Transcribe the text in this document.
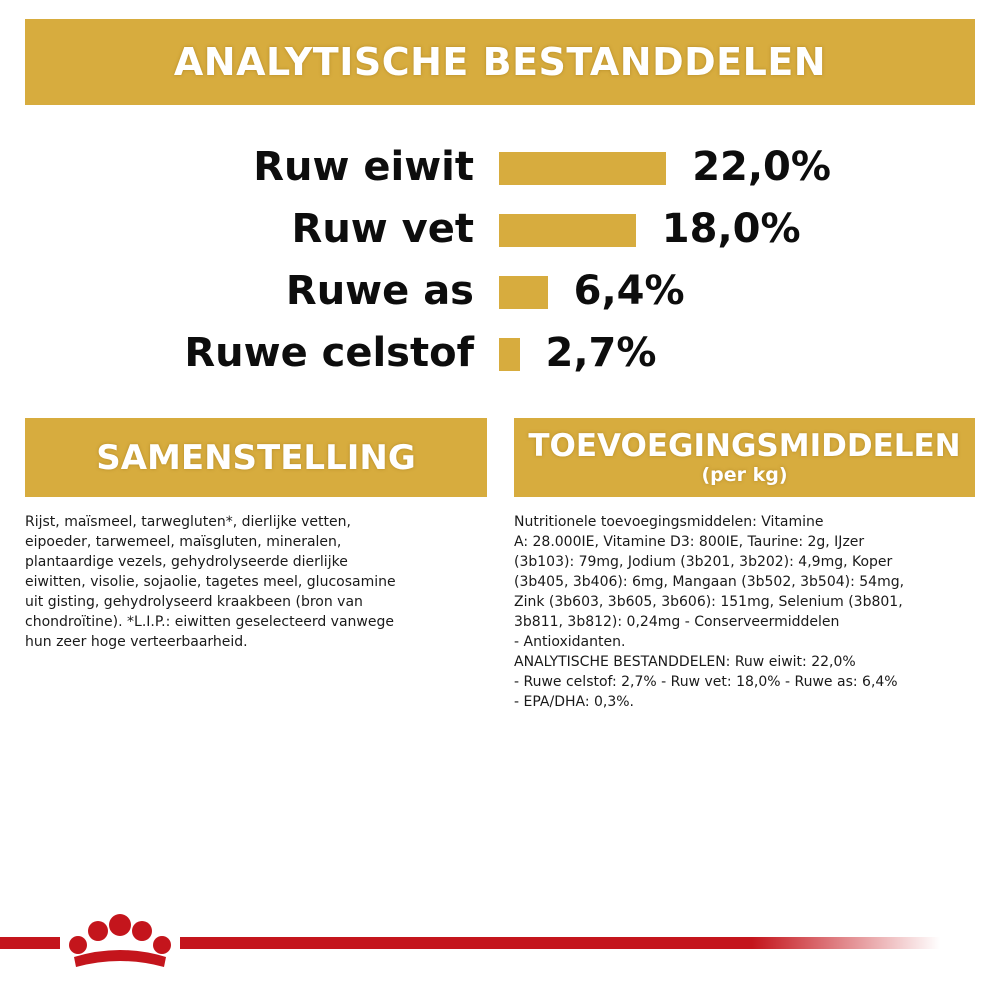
ANALYTISCHE BESTANDDELEN
Ruw eiwit	22,0%
Ruw vet	18,0%
Ruwe as 6,4%
Ruwe celstof 2,7%
SAMENSTELLING	TOEVOEGINGSMIDDELEN
(per kg)
Rijst, maïsmeel, tarwegluten*, dierlijke vetten,
eipoeder, tarwemeel, maïsgluten, mineralen,
plantaardige vezels, gehydrolyseerde dierlijke
eiwitten, visolie, sojaolie, tagetes meel, glucosamine
uit gisting, gehydrolyseerd kraakbeen (bron van
chondroïtine). *L.I.P.: eiwitten geselecteerd vanwege
hun zeer hoge verteerbaarheid.
Nutritionele toevoegingsmiddelen: Vitamine
A: 28.000IE, Vitamine D3: 800IE, Taurine: 2g, IJzer
(3b103): 79mg, Jodium (3b201, 3b202): 4,9mg, Koper
(3b405, 3b406): 6mg, Mangaan (3b502, 3b504): 54mg,
Zink (3b603, 3b605, 3b606): 151mg, Selenium (3b801,
3b811, 3b812): 0,24mg - Conserveermiddelen
- Antioxidanten.
ANALYTISCHE BESTANDDELEN: Ruw eiwit: 22,0%
- Ruwe celstof: 2,7% - Ruw vet: 18,0% - Ruwe as: 6,4%
- EPA/DHA: 0,3%.
